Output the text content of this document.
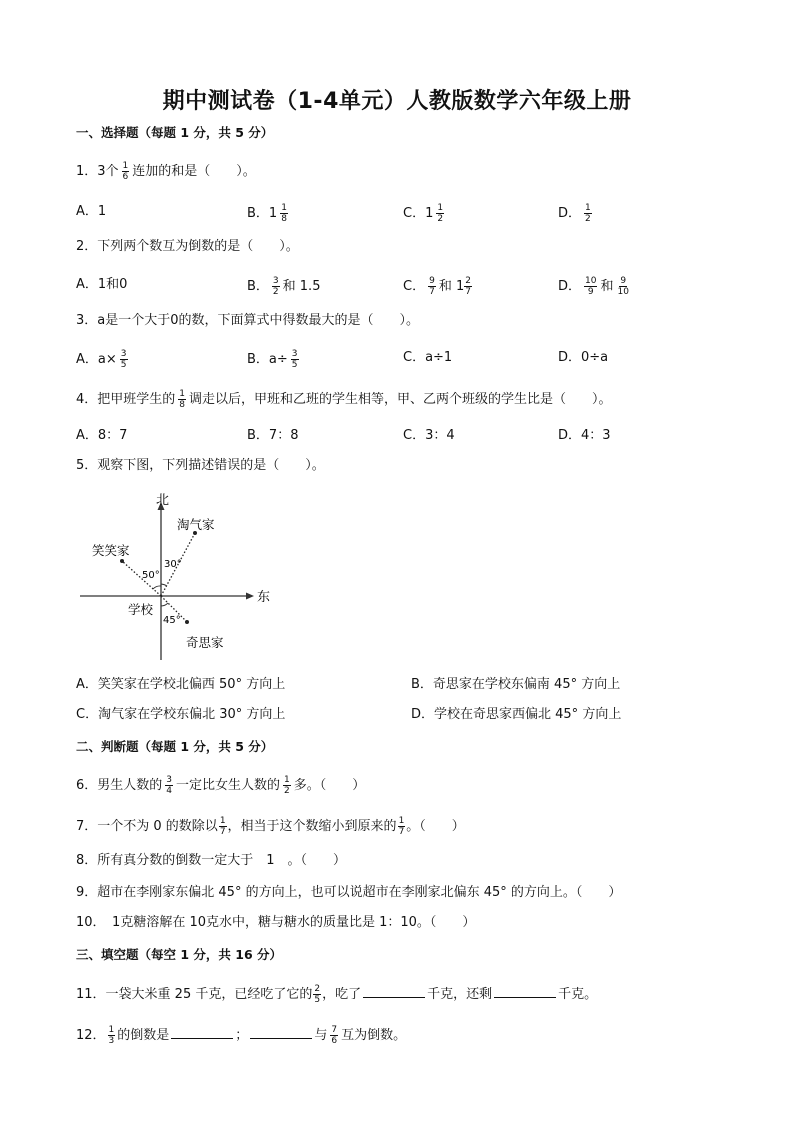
期中测试卷（1-4单元）人教版数学六年级上册
一、选择题（每题 1 分，共 5 分）
1．3个 $\frac{1}{6}$ 连加的和是（　　）。
A．1	B．$1 \frac{1}{8}$	C．$1 \frac{1}{2}$	D． $\frac{1}{2}$
2．下列两个数互为倒数的是（　　）。
A．1和0	B． $\frac{3}{2}$ 和 1.5	C． $\frac{9}{7}$ 和 $1 \frac{2}{7}$	D． $\frac{10}{9}$ 和 $\frac{9}{10}$
3．a是一个大于0的数，下面算式中得数最大的是（　　）。
A．$a\times \frac{3}{5}$	B．$a\div \frac{3}{5}$	C．a÷1	D．0÷a
4．把甲班学生的 $\frac{1}{8}$ 调走以后，甲班和乙班的学生相等，甲、乙两个班级的学生比是（　　）。
A．8：7	B．7：8	C．3：4	D．4：3
5．观察下图，下列描述错误的是（　　）。
北
东
淘气家
笑笑家
学校
奇思家
50°
30°
45°
A．笑笑家在学校北偏西 50° 方向上	B．奇思家在学校东偏南 45° 方向上
C．淘气家在学校东偏北 30° 方向上	D．学校在奇思家西偏北 45° 方向上
二、判断题（每题 1 分，共 5 分）
6．男生人数的 $\frac{3}{4}$ 一定比女生人数的 $\frac{1}{2}$ 多。（　　）
7．一个不为 0 的数除以 $\frac{1}{7}$ ，相当于这个数缩小到原来的 $\frac{1}{7}$ 。（　　）
8．所有真分数的倒数一定大于　1　。（　　）
9．超市在李刚家东偏北 45° 的方向上，也可以说超市在李刚家北偏东 45° 的方向上。（　　）
10．　1克糖溶解在 10克水中，糖与糖水的质量比是 1：10。（　　）
三、填空题（每空 1 分，共 16 分）
11．一袋大米重 25 千克，已经吃了它的 $\frac{2}{5}$ ，吃了	千克，还剩	千克。
12． $\frac{1}{3}$ 的倒数是	；	与 $\frac{7}{6}$ 互为倒数。
